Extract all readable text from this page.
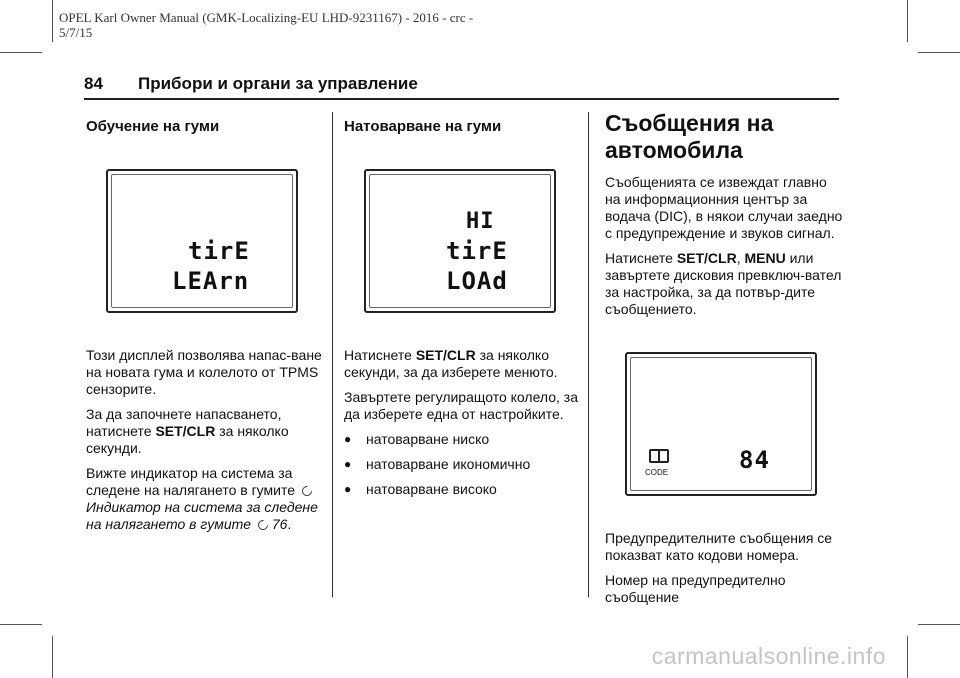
OPEL Karl Owner Manual (GMK-Localizing-EU LHD-9231167) - 2016 - crc -
5/7/15
84 Прибори и органи за управление
Обучение на гуми
tirE
LEArn

Този дисплей позволява напас-вaне на новата гума и колелото от TPMS сензорите.

За да започнете напасването, натиснете SET/CLR за няколко секунди.

Вижте индикатор на система за следене на налягането в гумите
Индикатор на система за следене на налягането в гумите 76.

Натоварване на гуми
HI
tirE
LOAd

Натиснете SET/CLR за няколко секунди, за да изберете менюто.

Завъртете регулиращото колело, за да изберете една от настройките.

●	натоварване ниско
●	натоварване икономично
●	натоварване високо
Съобщения на автомобила

Съобщенията се извеждат главно на информационния център за водача (DIC), в някои случаи заедно с предупреждение и звуков сигнал.

Натиснете SET/CLR, MENU или завъртете дисковия превключ-вател за настройка, за да потвър-дите съобщението.

CODE	84

Предупредителните съобщения се показват като кодови номера.

Номер на предупредително съобщение

carmanualsonline.info
